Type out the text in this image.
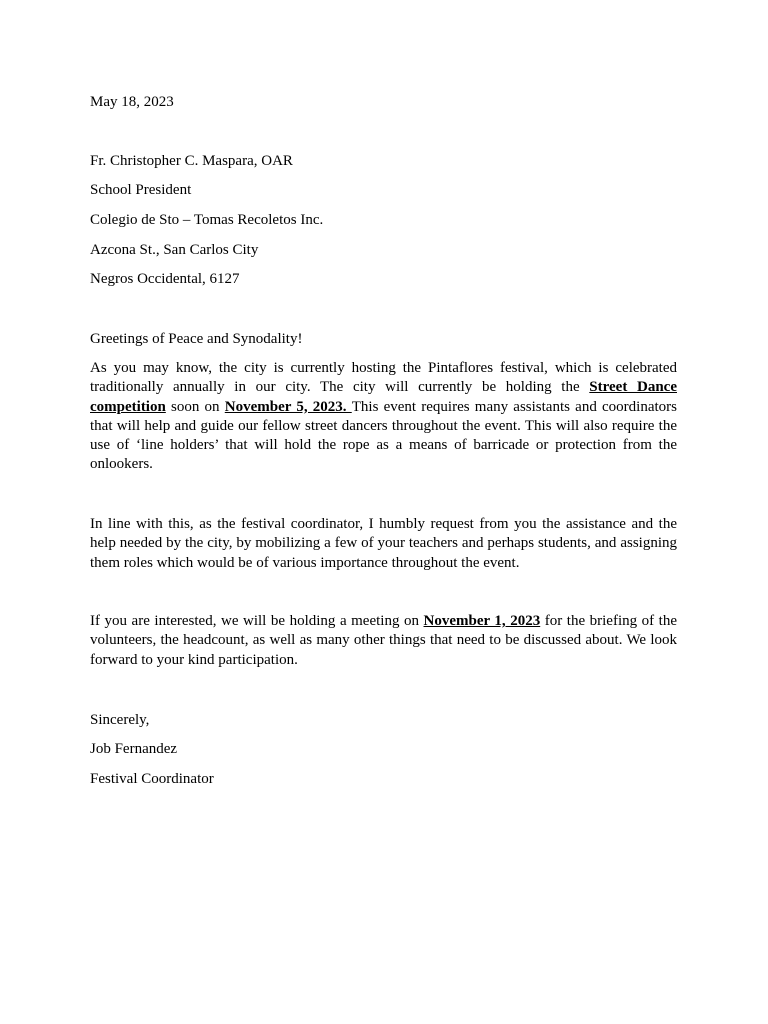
May 18, 2023
Fr. Christopher C. Maspara, OAR
School President
Colegio de Sto – Tomas Recoletos Inc.
Azcona St., San Carlos City
Negros Occidental, 6127
Greetings of Peace and Synodality!
As you may know, the city is currently hosting the Pintaflores festival, which is celebrated traditionally annually in our city. The city will currently be holding the Street Dance competition soon on November 5, 2023. This event requires many assistants and coordinators that will help and guide our fellow street dancers throughout the event. This will also require the use of ‘line holders’ that will hold the rope as a means of barricade or protection from the onlookers.
In line with this, as the festival coordinator, I humbly request from you the assistance and the help needed by the city, by mobilizing a few of your teachers and perhaps students, and assigning them roles which would be of various importance throughout the event.
If you are interested, we will be holding a meeting on November 1, 2023 for the briefing of the volunteers, the headcount, as well as many other things that need to be discussed about. We look forward to your kind participation.
Sincerely,
Job Fernandez
Festival Coordinator
